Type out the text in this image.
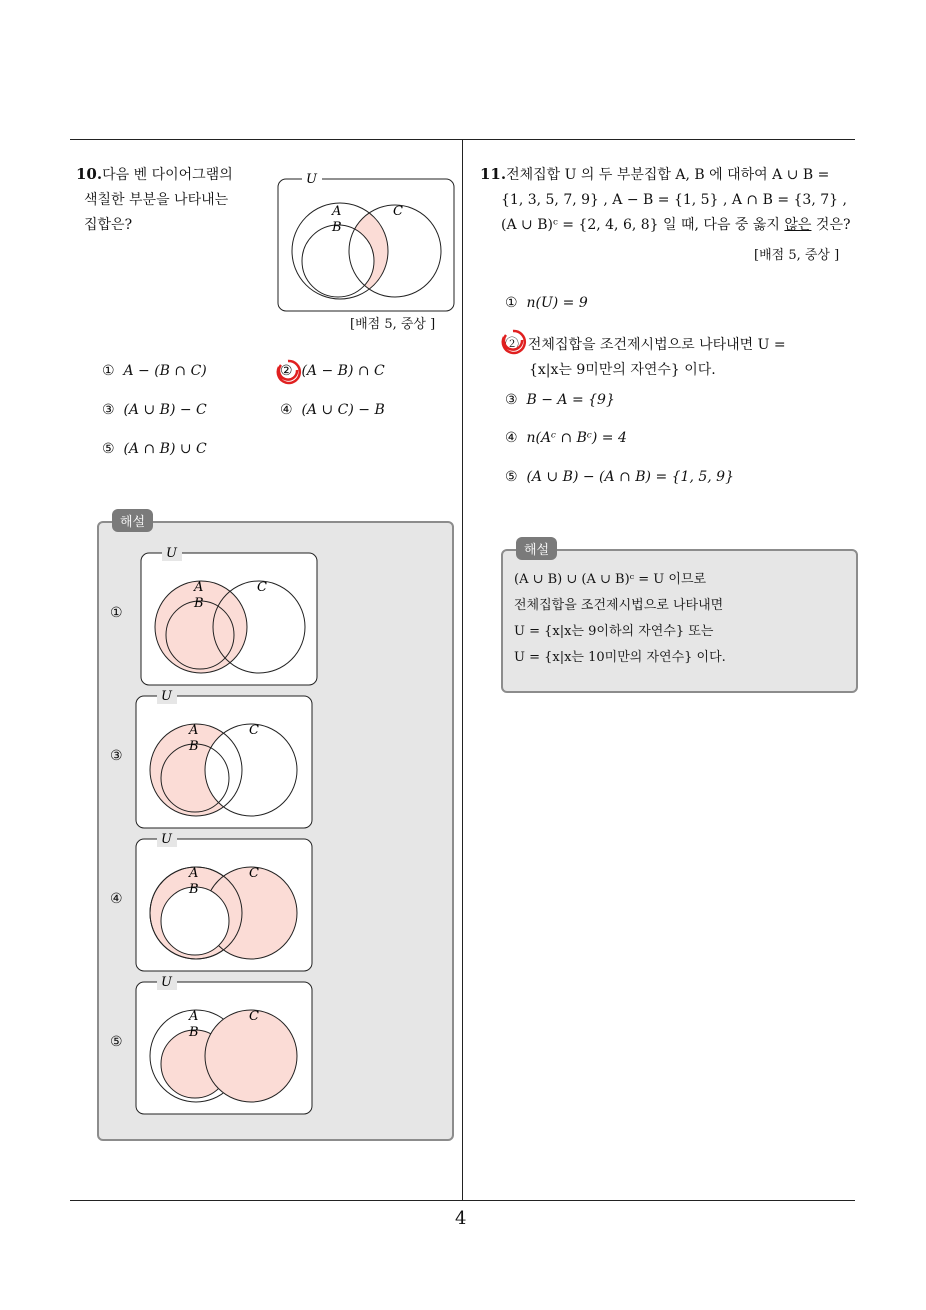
4
10.다음 벤 다이어그램의
색칠한 부분을 나타내는
집합은?
U
A
B
C
[배점 5, 중상 ]
① A − (B ∩ C)	② (A − B) ∩ C
③ (A ∪ B) − C	④ (A ∪ C) − B
⑤ (A ∩ B) ∪ C
해설
①
U
A
B
C
③
U
A
B
C
④
U
A
B
C
⑤
U
A
B
C
11.전체집합 U 의 두 부분집합 A, B 에 대하여 A ∪ B =
{1, 3, 5, 7, 9} , A − B = {1, 5} , A ∩ B = {3, 7} ,
(A ∪ B)ᶜ = {2, 4, 6, 8} 일 때, 다음 중 옳지 않은 것은?
[배점 5, 중상 ]
① n(U) = 9
② 전체집합을 조건제시법으로 나타내면 U =
{x|x는 9미만의 자연수} 이다.
③ B − A = {9}
④ n(Aᶜ ∩ Bᶜ) = 4
⑤ (A ∪ B) − (A ∩ B) = {1, 5, 9}
해설
(A ∪ B) ∪ (A ∪ B)ᶜ = U 이므로
전체집합을 조건제시법으로 나타내면
U = {x|x는 9이하의 자연수} 또는
U = {x|x는 10미만의 자연수} 이다.
